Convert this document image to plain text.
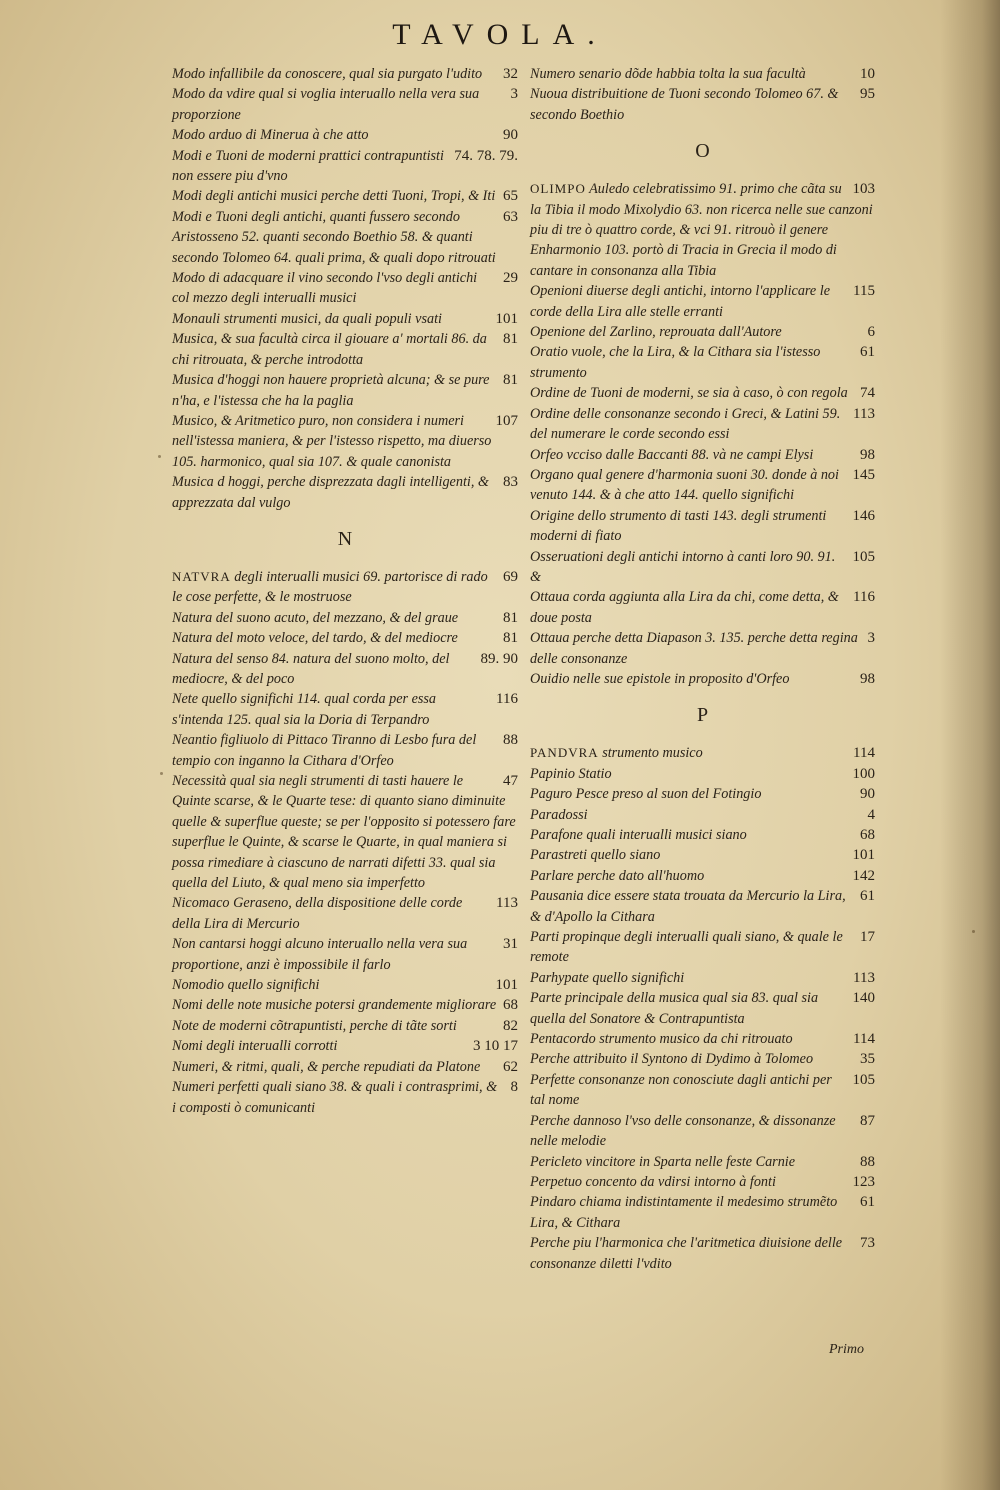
TAVOLA.

32
Modo infallibile da conoscere, qual sia purgato l'udito

3
Modo da vdire qual si voglia interuallo nella vera sua proporzione

90
Modo arduo di Minerua à che atto

74. 78. 79.
Modi e Tuoni de moderni prattici contrapuntisti non essere piu d'vno

65
Modi degli antichi musici perche detti Tuoni, Tropi, & Iti

63
Modi e Tuoni degli antichi, quanti fussero secondo Aristosseno 52. quanti secondo Boethio 58. & quanti secondo Tolomeo 64. quali prima, & quali dopo ritrouati

29
Modo di adacquare il vino secondo l'vso degli antichi col mezzo degli interualli musici

101
Monauli strumenti musici, da quali populi vsati

81
Musica, & sua facultà circa il giouare a' mortali 86. da chi ritrouata, & perche introdotta

81
Musica d'hoggi non hauere proprietà alcuna; & se pure n'ha, e l'istessa che ha la paglia

107
Musico, & Aritmetico puro, non considera i numeri nell'istessa maniera, & per l'istesso rispetto, ma diuerso 105. harmonico, qual sia 107. & quale canonista

83
Musica d hoggi, perche disprezzata dagli intelligenti, & apprezzata dal vulgo

N

69
NATVRA degli interualli musici 69. partorisce di rado le cose perfette, & le mostruose

81
Natura del suono acuto, del mezzano, & del graue

81
Natura del moto veloce, del tardo, & del mediocre

89. 90
Natura del senso 84. natura del suono molto, del mediocre, & del poco

116
Nete quello significhi 114. qual corda per essa s'intenda 125. qual sia la Doria di Terpandro

88
Neantio figliuolo di Pittaco Tiranno di Lesbo fura del tempio con inganno la Cithara d'Orfeo

47
Necessità qual sia negli strumenti di tasti hauere le Quinte scarse, & le Quarte tese: di quanto siano diminuite quelle & superflue queste; se per l'opposito si potessero fare superflue le Quinte, & scarse le Quarte, in qual maniera si possa rimediare à ciascuno de narrati difetti 33. qual sia quella del Liuto, & qual meno sia imperfetto

113
Nicomaco Geraseno, della dispositione delle corde della Lira di Mercurio

31
Non cantarsi hoggi alcuno interuallo nella vera sua proportione, anzi è impossibile il farlo

101
Nomodio quello significhi

68
Nomi delle note musiche potersi grandemente migliorare

82
Note de moderni cõtrapuntisti, perche di tãte sorti

3 10 17
Nomi degli interualli corrotti

62
Numeri, & ritmi, quali, & perche repudiati da Platone

8
Numeri perfetti quali siano 38. & quali i contrasprimi, & i composti ò comunicanti

10
Numero senario dõde habbia tolta la sua facultà

95
Nuoua distribuitione de Tuoni secondo Tolomeo 67. & secondo Boethio

O

103
OLIMPO Auledo celebratissimo 91. primo che cãta su la Tibia il modo Mixolydio 63. non ricerca nelle sue canzoni piu di tre ò quattro corde, & vci 91. ritrouò il genere Enharmonio 103. portò di Tracia in Grecia il modo di cantare in consonanza alla Tibia

115
Openioni diuerse degli antichi, intorno l'applicare le corde della Lira alle stelle erranti

6
Openione del Zarlino, reprouata dall'Autore

61
Oratio vuole, che la Lira, & la Cithara sia l'istesso strumento

74
Ordine de Tuoni de moderni, se sia à caso, ò con regola

113
Ordine delle consonanze secondo i Greci, & Latini 59. del numerare le corde secondo essi

98
Orfeo vcciso dalle Baccanti 88. và ne campi Elysi

145
Organo qual genere d'harmonia suoni 30. donde à noi venuto 144. & à che atto 144. quello significhi

146
Origine dello strumento di tasti 143. degli strumenti moderni di fiato

105
Osseruationi degli antichi intorno à canti loro 90. 91. &

116
Ottaua corda aggiunta alla Lira da chi, come detta, & doue posta

3
Ottaua perche detta Diapason 3. 135. perche detta regina delle consonanze

98
Ouidio nelle sue epistole in proposito d'Orfeo

P

114
PANDVRA strumento musico

100
Papinio Statio

90
Paguro Pesce preso al suon del Fotingio

4
Paradossi

68
Parafone quali interualli musici siano

101
Parastreti quello siano

142
Parlare perche dato all'huomo

61
Pausania dice essere stata trouata da Mercurio la Lira, & d'Apollo la Cithara

17
Parti propinque degli interualli quali siano, & quale le remote

113
Parhypate quello significhi

140
Parte principale della musica qual sia 83. qual sia quella del Sonatore & Contrapuntista

114
Pentacordo strumento musico da chi ritrouato

35
Perche attribuito il Syntono di Dydimo à Tolomeo

105
Perfette consonanze non conosciute dagli antichi per tal nome

87
Perche dannoso l'vso delle consonanze, & dissonanze nelle melodie

88
Pericleto vincitore in Sparta nelle feste Carnie

123
Perpetuo concento da vdirsi intorno à fonti

61
Pindaro chiama indistintamente il medesimo strumẽto Lira, & Cithara

73
Perche piu l'harmonica che l'aritmetica diuisione delle consonanze diletti l'vdito

Primo
